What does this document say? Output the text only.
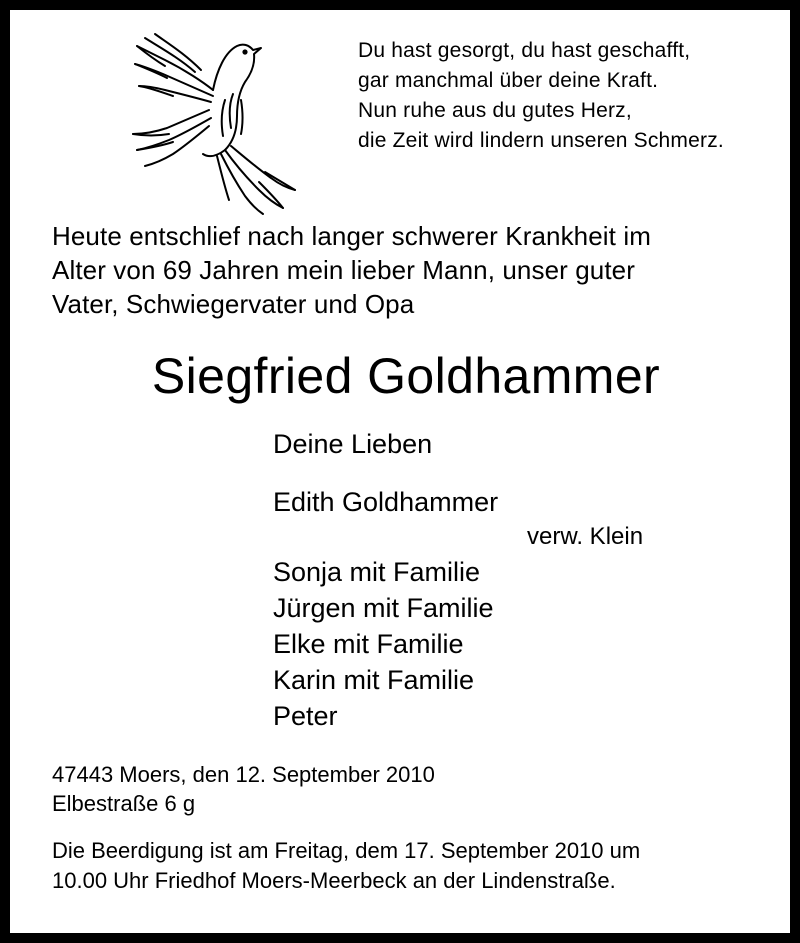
Du hast gesorgt, du hast geschafft,
gar manchmal über deine Kraft.
Nun ruhe aus du gutes Herz,
die Zeit wird lindern unseren Schmerz.
Heute entschlief nach langer schwerer Krankheit im
Alter von 69 Jahren mein lieber Mann, unser guter
Vater, Schwiegervater und Opa
Siegfried Goldhammer
Deine Lieben
Edith Goldhammer
verw. Klein
Sonja mit Familie
Jürgen mit Familie
Elke mit Familie
Karin mit Familie
Peter
47443 Moers, den 12. September 2010
Elbestraße 6 g
Die Beerdigung ist am Freitag, dem 17. September 2010 um
10.00 Uhr Friedhof Moers-Meerbeck an der Lindenstraße.
